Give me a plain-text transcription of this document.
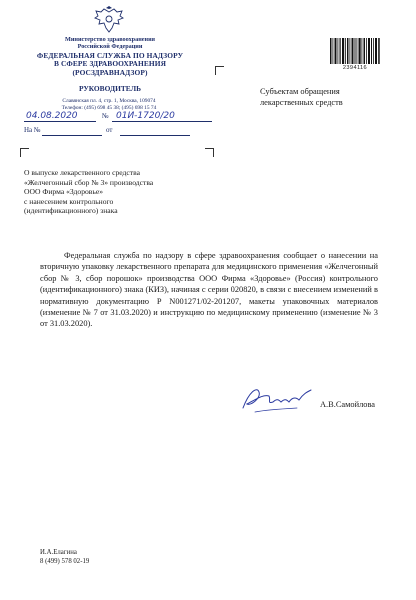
Министерство здравоохранения
Российской Федерации
ФЕДЕРАЛЬНАЯ СЛУЖБА ПО НАДЗОРУ
В СФЕРЕ ЗДРАВООХРАНЕНИЯ
(РОСЗДРАВНАДЗОР)
РУКОВОДИТЕЛЬ
Славянская пл. 4, стр. 1, Москва, 109074
Телефон: (495) 698 45 38; (495) 698 15 74
04.08.2020	№ 01И-1720/20
На №	от
2394116
Субъектам обращения
лекарственных средств
О выпуске лекарственного средства
«Желчегонный сбор № 3» производства
ООО Фирма «Здоровье»
с нанесением контрольного
(идентификационного) знака
Федеральная служба по надзору в сфере здравоохранения сообщает о нанесении на вторичную упаковку лекарственного препарата для медицинского применения «Желчегонный сбор № 3, сбор порошок» производства ООО Фирма «Здоровье» (Россия) контрольного (идентификационного) знака (КИЗ), начиная с серии 020820, в связи с внесением изменений в нормативную документацию Р N001271/02-201207, макеты упаковочных материалов (изменение № 7 от 31.03.2020) и инструкцию по медицинскому применению (изменение № 3 от 31.03.2020).
А.В.Самойлова
И.А.Елагина
8 (499) 578 02-19
